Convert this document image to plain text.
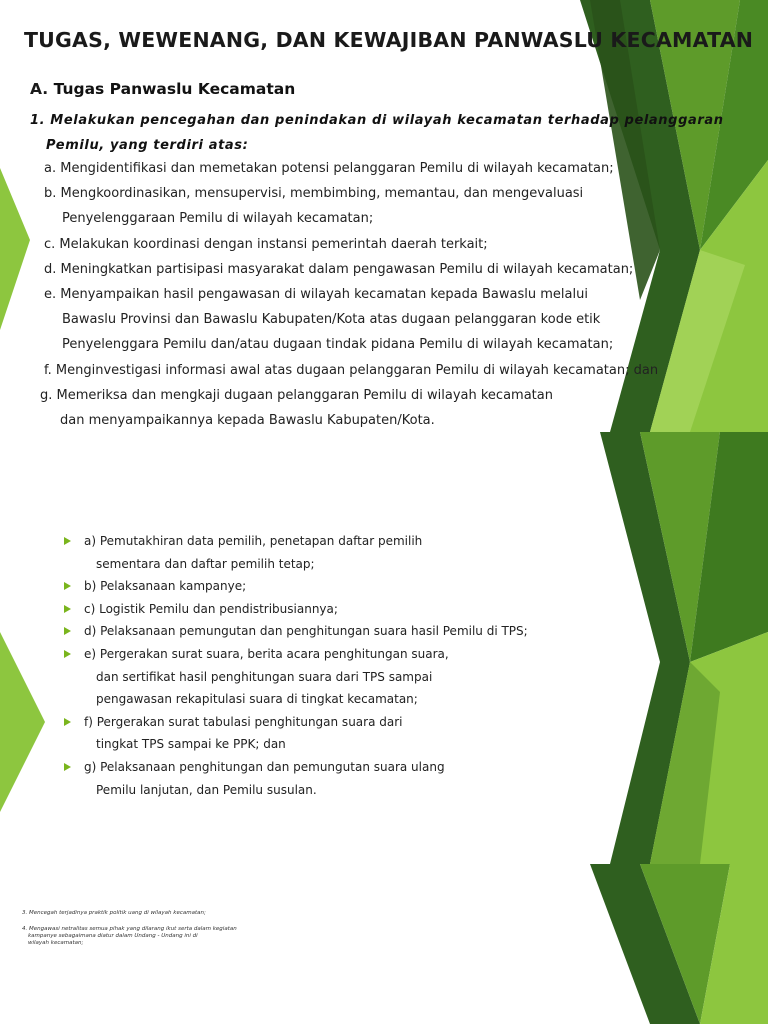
TUGAS, WEWENANG, DAN KEWAJIBAN PANWASLU KECAMATAN
A. Tugas Panwaslu Kecamatan
1. Melakukan pencegahan dan penindakan di wilayah kecamatan terhadap pelanggaran
Pemilu, yang terdiri atas:
a. Mengidentifikasi dan memetakan potensi pelanggaran Pemilu di wilayah kecamatan;
b. Mengkoordinasikan, mensupervisi, membimbing, memantau, dan mengevaluasi
Penyelenggaraan Pemilu di wilayah kecamatan;
c. Melakukan koordinasi dengan instansi pemerintah daerah terkait;
d. Meningkatkan partisipasi masyarakat dalam pengawasan Pemilu di wilayah kecamatan;
e. Menyampaikan hasil pengawasan di wilayah kecamatan kepada Bawaslu melalui
Bawaslu Provinsi dan Bawaslu Kabupaten/Kota atas dugaan pelanggaran kode etik
Penyelenggara Pemilu dan/atau dugaan tindak pidana Pemilu di wilayah kecamatan;
f. Menginvestigasi informasi awal atas dugaan pelanggaran Pemilu di wilayah kecamatan; dan
g. Memeriksa dan mengkaji dugaan pelanggaran Pemilu di wilayah kecamatan
dan menyampaikannya kepada Bawaslu Kabupaten/Kota.
a) Pemutakhiran data pemilih, penetapan daftar pemilih
sementara dan daftar pemilih tetap;
b) Pelaksanaan kampanye;
c) Logistik Pemilu dan pendistribusiannya;
d) Pelaksanaan pemungutan dan penghitungan suara hasil Pemilu di TPS;
e) Pergerakan surat suara, berita acara penghitungan suara,
dan sertifikat hasil penghitungan suara dari TPS sampai
pengawasan rekapitulasi suara di tingkat kecamatan;
f) Pergerakan surat tabulasi penghitungan suara dari
tingkat TPS sampai ke PPK; dan
g) Pelaksanaan penghitungan dan pemungutan suara ulang
Pemilu lanjutan, dan Pemilu susulan.
3. Mencegah terjadinya praktik politik uang di wilayah kecamatan;
4. Mengawasi netralitas semua pihak yang dilarang ikut serta dalam kegiatan
kampanye sebagaimana diatur dalam Undang - Undang ini di
wilayah kecamatan;
